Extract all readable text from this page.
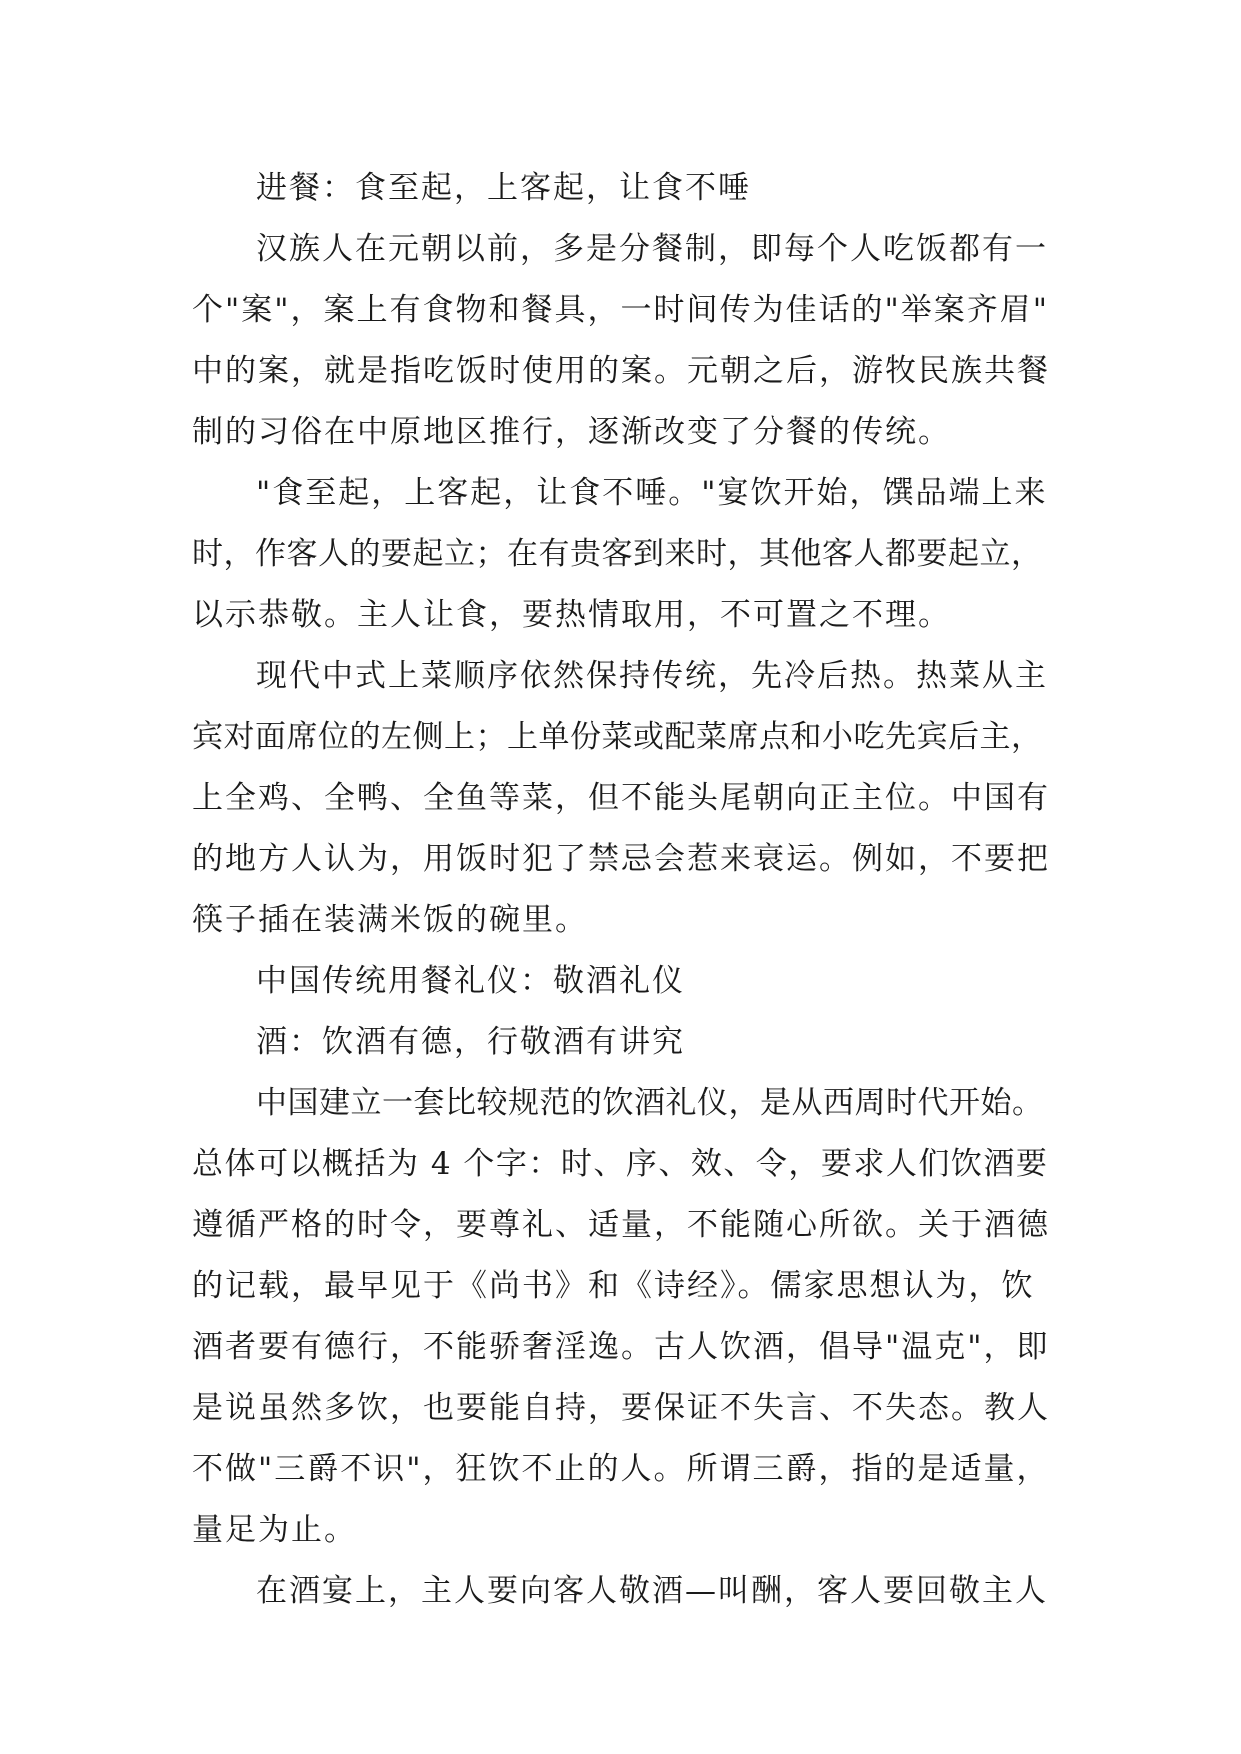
进餐：食至起，上客起，让食不唾
汉族人在元朝以前，多是分餐制，即每个人吃饭都有一
个"案"，案上有食物和餐具，一时间传为佳话的"举案齐眉"
中的案，就是指吃饭时使用的案。元朝之后，游牧民族共餐
制的习俗在中原地区推行，逐渐改变了分餐的传统。
"食至起，上客起，让食不唾。"宴饮开始，馔品端上来
时，作客人的要起立；在有贵客到来时，其他客人都要起立，
以示恭敬。主人让食，要热情取用，不可置之不理。
现代中式上菜顺序依然保持传统，先冷后热。热菜从主
宾对面席位的左侧上；上单份菜或配菜席点和小吃先宾后主，
上全鸡、全鸭、全鱼等菜，但不能头尾朝向正主位。中国有
的地方人认为，用饭时犯了禁忌会惹来衰运。例如，不要把
筷子插在装满米饭的碗里。
中国传统用餐礼仪：敬酒礼仪
酒：饮酒有德，行敬酒有讲究
中国建立一套比较规范的饮酒礼仪，是从西周时代开始。
总体可以概括为 4 个字：时、序、效、令，要求人们饮酒要
遵循严格的时令，要尊礼、适量，不能随心所欲。关于酒德
的记载，最早见于《尚书》和《诗经》。儒家思想认为，饮
酒者要有德行，不能骄奢淫逸。古人饮酒，倡导"温克"，即
是说虽然多饮，也要能自持，要保证不失言、不失态。教人
不做"三爵不识"，狂饮不止的人。所谓三爵，指的是适量，
量足为止。
在酒宴上，主人要向客人敬酒—叫酬，客人要回敬主人
